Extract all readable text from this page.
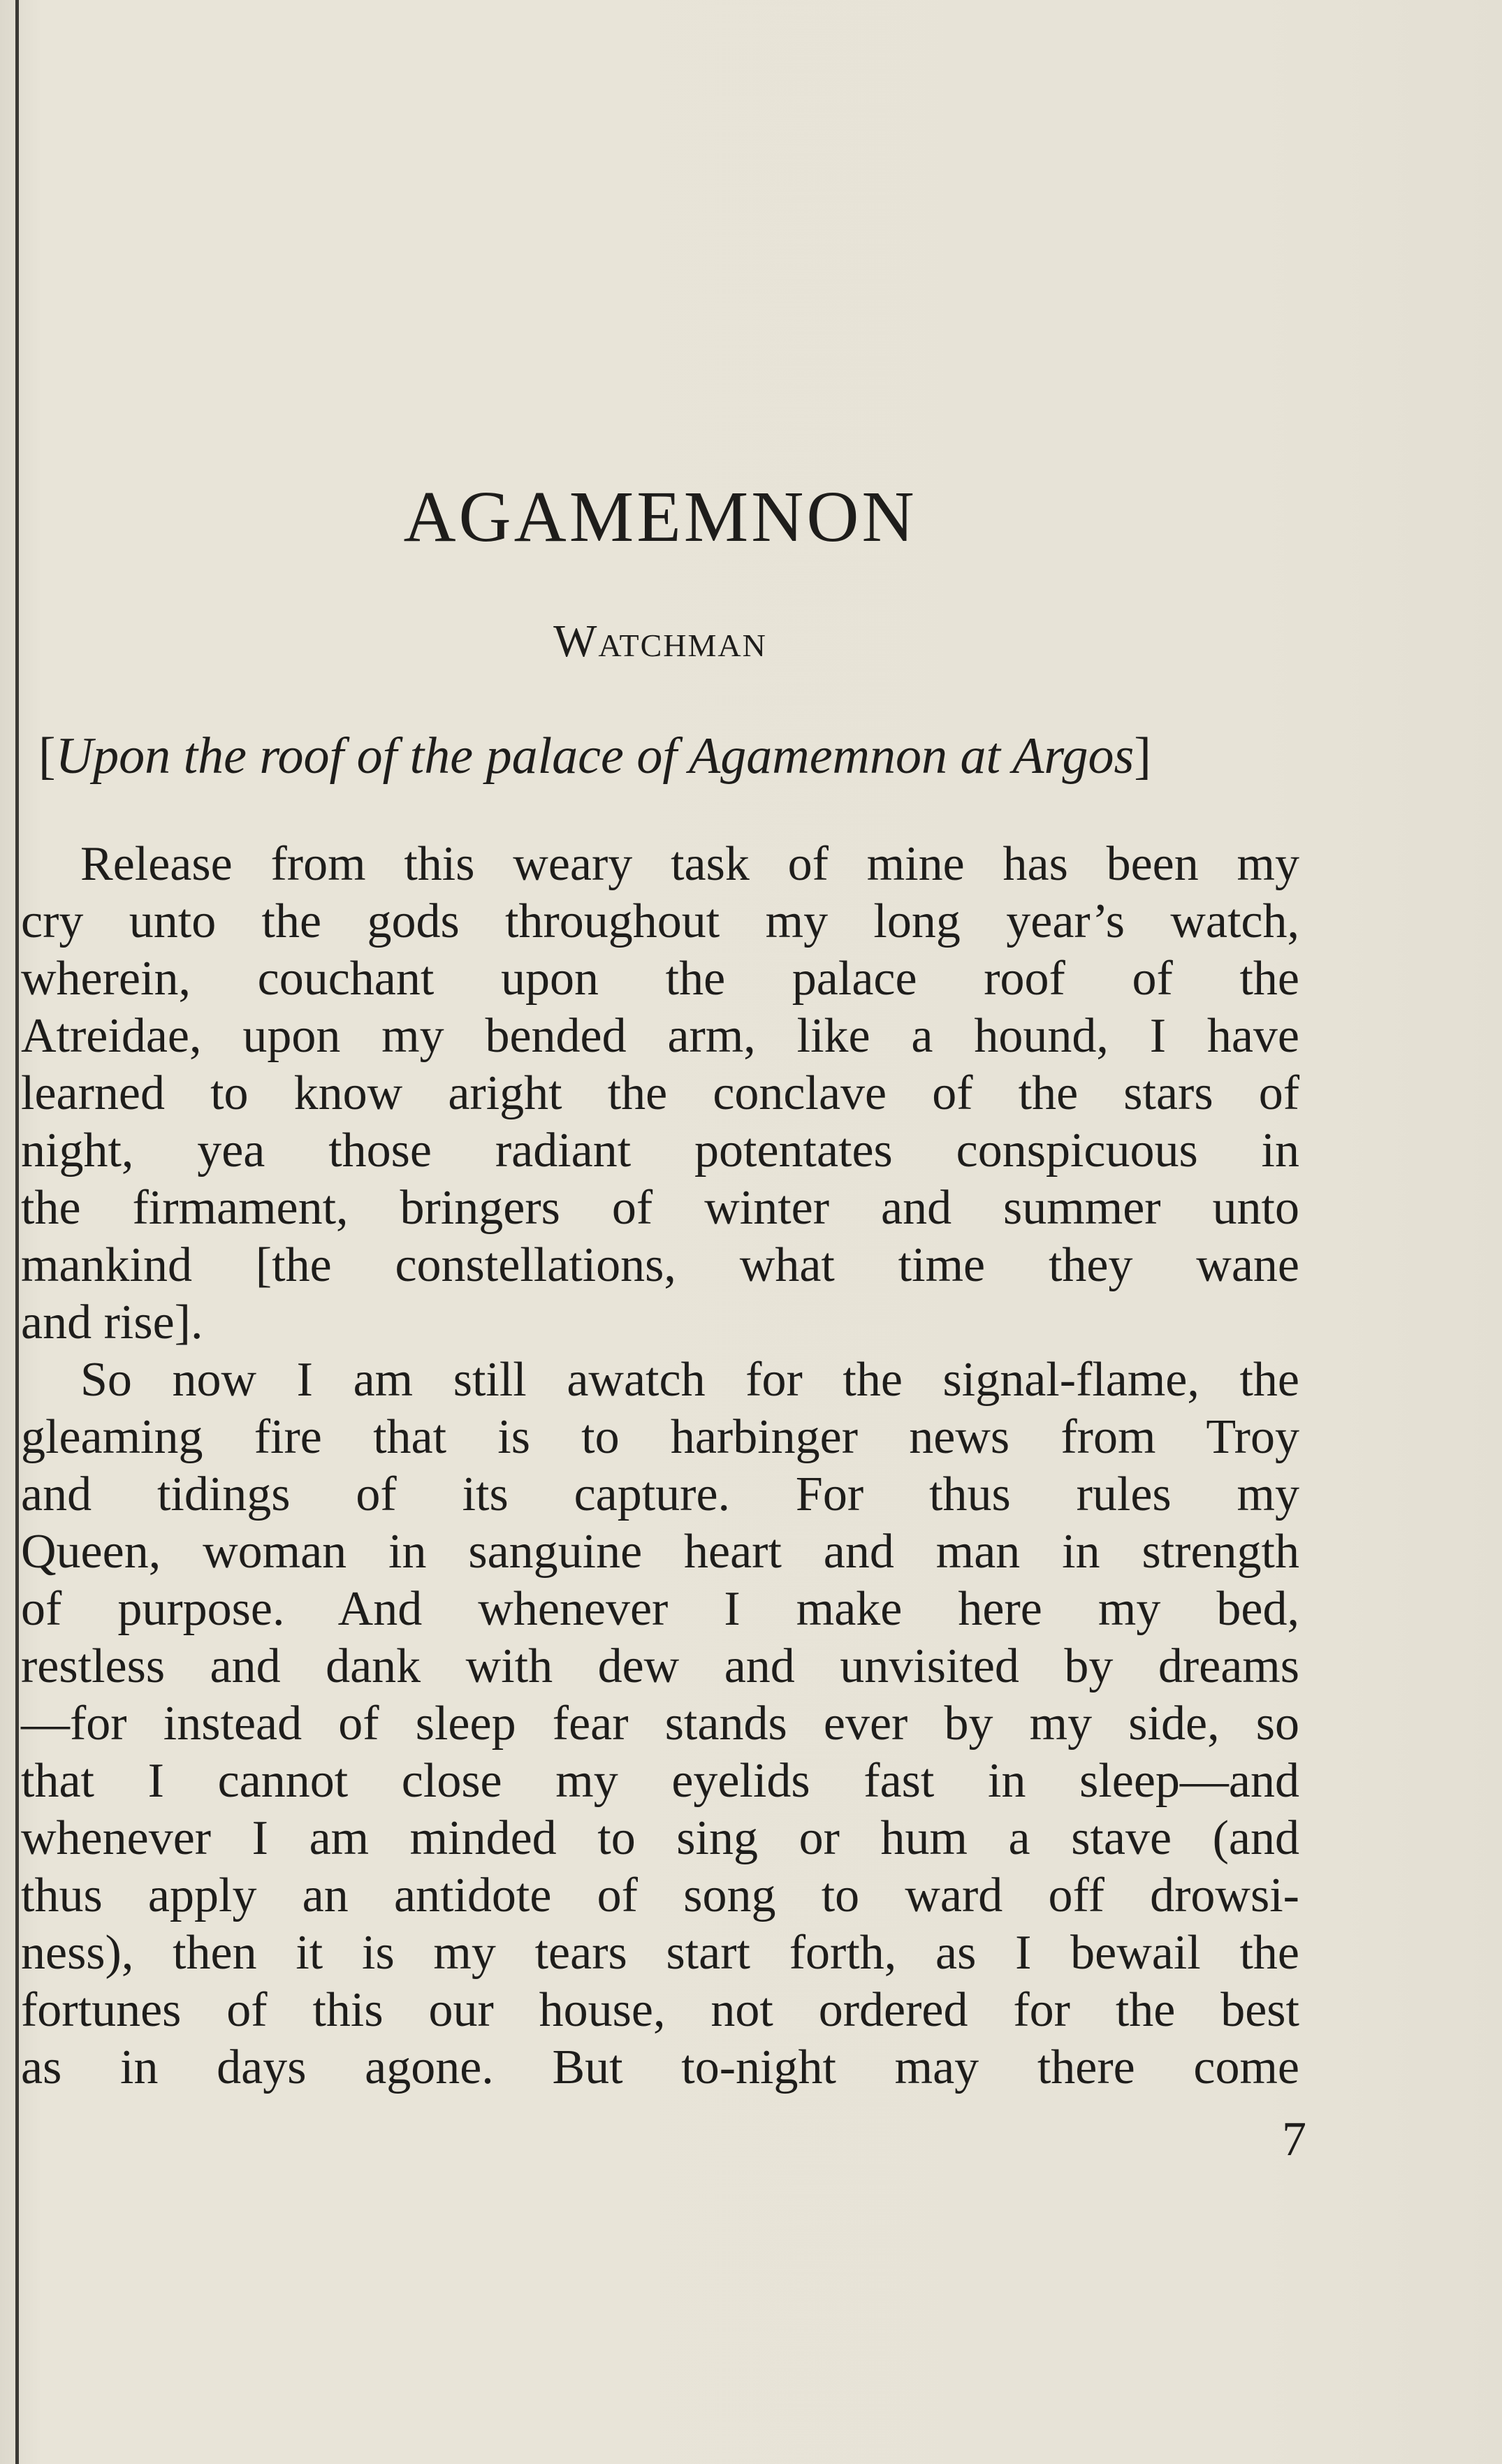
AGAMEMNON
Watchman
[Upon the roof of the palace of Agamemnon at Argos]
Release from this weary task of mine has been my
cry unto the gods throughout my long year’s watch,
wherein, couchant upon the palace roof of the
Atreidae, upon my bended arm, like a hound, I have
learned to know aright the conclave of the stars of
night, yea those radiant potentates conspicuous in
the firmament, bringers of winter and summer unto
mankind [the constellations, what time they wane
and rise].
So now I am still awatch for the signal-flame, the
gleaming fire that is to harbinger news from Troy
and tidings of its capture. For thus rules my
Queen, woman in sanguine heart and man in strength
of purpose. And whenever I make here my bed,
restless and dank with dew and unvisited by dreams
—for instead of sleep fear stands ever by my side, so
that I cannot close my eyelids fast in sleep—and
whenever I am minded to sing or hum a stave (and
thus apply an antidote of song to ward off drowsi-
ness), then it is my tears start forth, as I bewail the
fortunes of this our house, not ordered for the best
as in days agone. But to-night may there come
7
